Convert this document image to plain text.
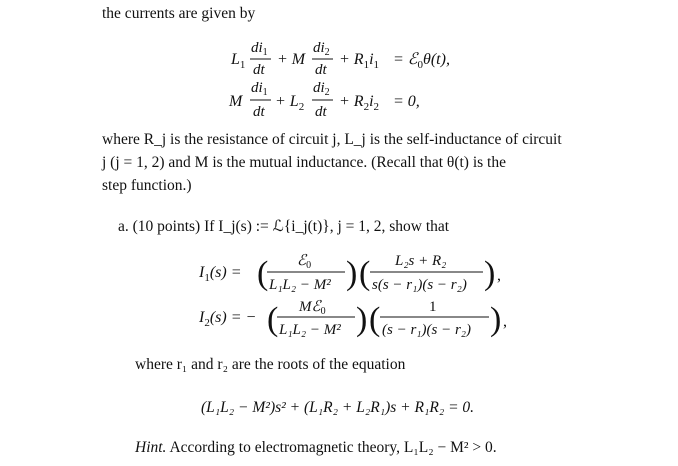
the currents are given by

$L_1$
$di_1$
dt
+ M
$di_2$
dt
+ $R_1i_1$ = ℰ$_0$θ(t),
M
$di_1$
dt
+ $L_2$
$di_2$
dt
+ $R_2i_2 = 0$,

where R_j is the resistance of circuit j, L_j is the self-inductance of circuit

j (j = 1, 2) and M is the mutual inductance. (Recall that θ(t) is the

step function.)

a. (10 points) If I_j(s) := ℒ{i_j(t)}, j = 1, 2, show that

$I_1(s)$ = ( ℰ$_0$
L₁L₂ − M² ) ( L₂s + R₂
s(s − r₁)(s − r₂) ) ,
$I_2(s)$ = − ( Mℰ$_0$
L₁L₂ − M² ) (	1
(s − r₁)(s − r₂) ) ,

where r₁ and r₂ are the roots of the equation

(L₁L₂ − M²)s² + (L₁R₂ + L₂R₁)s + R₁R₂ = 0.

Hint. According to electromagnetic theory, L₁L₂ − M² > 0.
